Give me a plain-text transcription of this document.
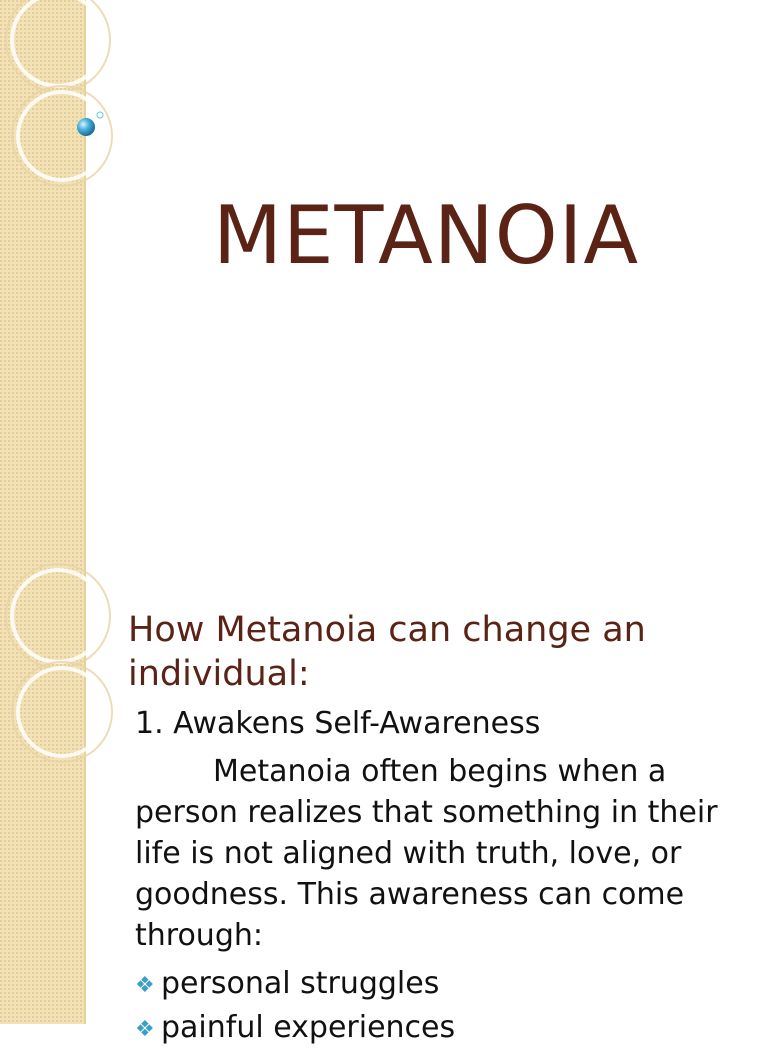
METANOIA
How Metanoia can change an individual:
1. Awakens Self-Awareness
Metanoia often begins when a person realizes that something in their life is not aligned with truth, love, or goodness. This awareness can come through:
❖ personal struggles
❖ painful experiences
